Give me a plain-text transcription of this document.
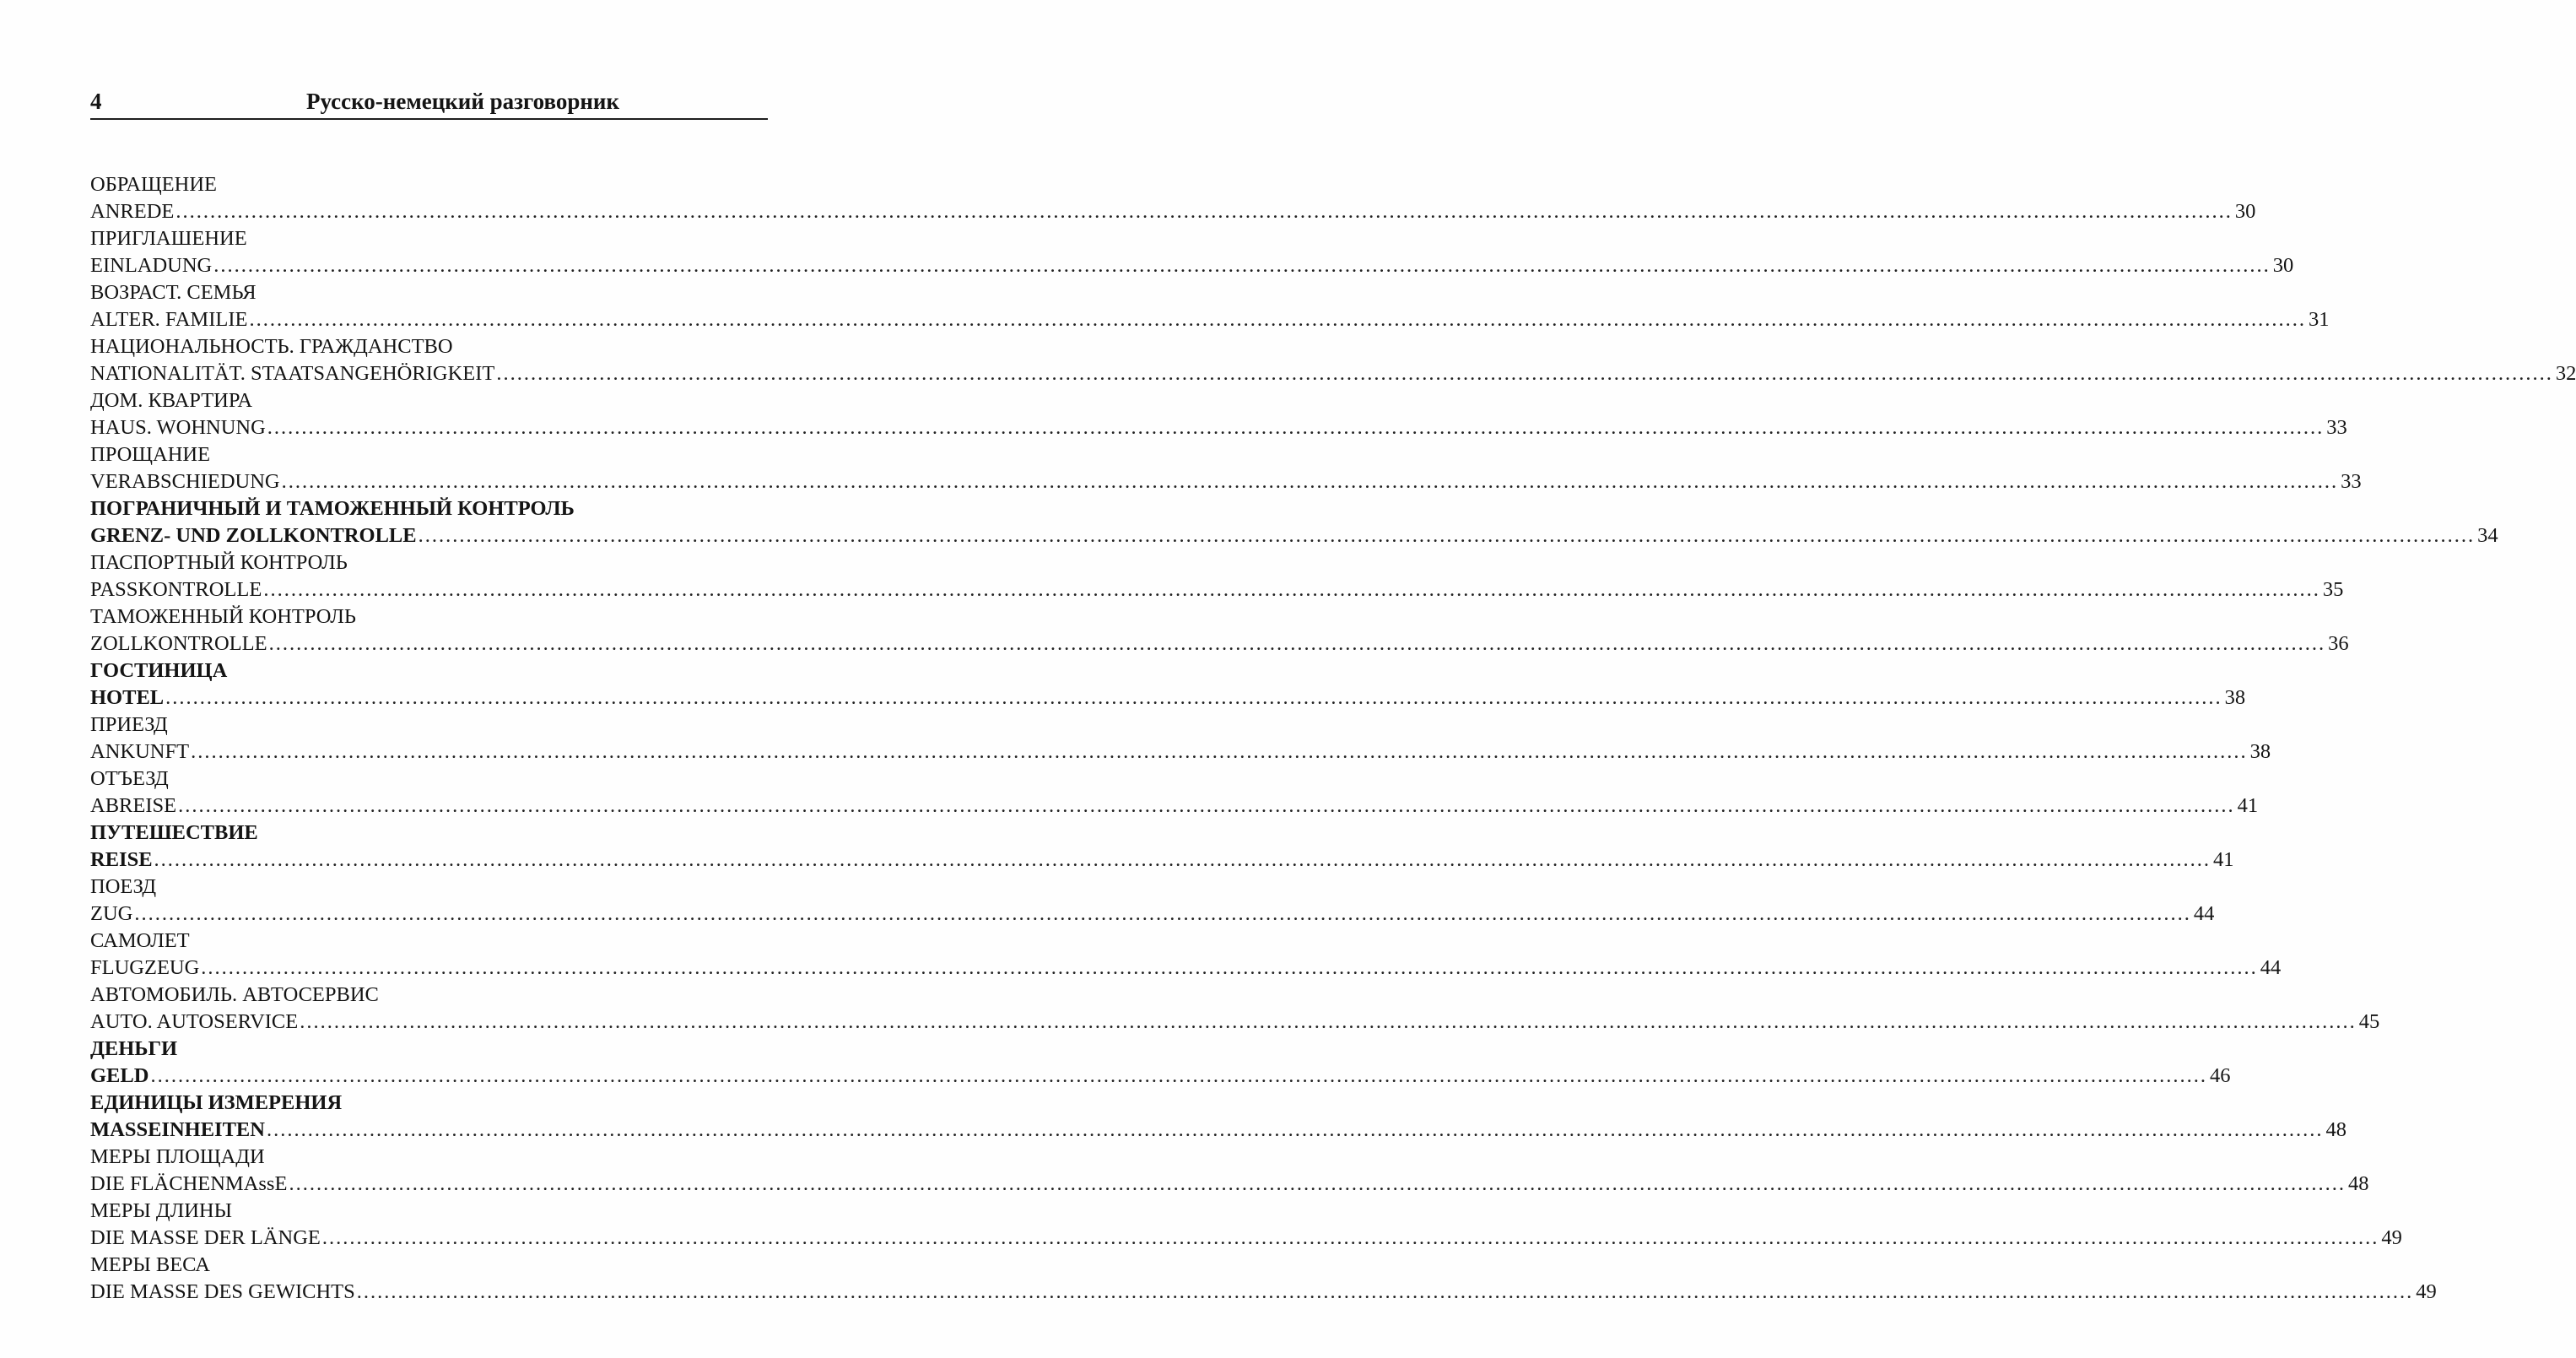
4	Русско-немецкий разговорник
ОБРАЩЕНИЕ
ANREDE ............................................................................................................................................................................................................................................................................................................ 30
ПРИГЛАШЕНИЕ
EINLADUNG ............................................................................................................................................................................................................................................................................................................ 30
ВОЗРАСТ. СЕМЬЯ
ALTER. FAMILIE ............................................................................................................................................................................................................................................................................................................ 31
НАЦИОНАЛЬНОСТЬ. ГРАЖДАНСТВО
NATIONALITÄT. STAATSANGEHÖRIGKEIT ............................................................................................................................................................................................................................................................................................................ 32
ДОМ. КВАРТИРА
HAUS. WOHNUNG ............................................................................................................................................................................................................................................................................................................ 33
ПРОЩАНИЕ
VERABSCHIEDUNG ............................................................................................................................................................................................................................................................................................................ 33
ПОГРАНИЧНЫЙ И ТАМОЖЕННЫЙ КОНТРОЛЬ
GRENZ- UND ZOLLKONTROLLE ............................................................................................................................................................................................................................................................................................................ 34
ПАСПОРТНЫЙ КОНТРОЛЬ
PASSKONTROLLE ............................................................................................................................................................................................................................................................................................................ 35
ТАМОЖЕННЫЙ КОНТРОЛЬ
ZOLLKONTROLLE ............................................................................................................................................................................................................................................................................................................ 36
ГОСТИНИЦА
HOTEL ............................................................................................................................................................................................................................................................................................................ 38
ПРИЕЗД
ANKUNFT ............................................................................................................................................................................................................................................................................................................ 38
ОТЪЕЗД
ABREISE ............................................................................................................................................................................................................................................................................................................ 41
ПУТЕШЕСТВИЕ
REISE ............................................................................................................................................................................................................................................................................................................ 41
ПОЕЗД
ZUG ............................................................................................................................................................................................................................................................................................................ 44
САМОЛЕТ
FLUGZEUG ............................................................................................................................................................................................................................................................................................................ 44
АВТОМОБИЛЬ. АВТОСЕРВИС
AUTO. AUTOSERVICE ............................................................................................................................................................................................................................................................................................................ 45
ДЕНЬГИ
GELD ............................................................................................................................................................................................................................................................................................................ 46
ЕДИНИЦЫ ИЗМЕРЕНИЯ
MASSEINHEITEN ............................................................................................................................................................................................................................................................................................................ 48
МЕРЫ ПЛОЩАДИ
DIE FLÄCHENMAssE ............................................................................................................................................................................................................................................................................................................ 48
МЕРЫ ДЛИНЫ
DIE MASSE DER LÄNGE ............................................................................................................................................................................................................................................................................................................ 49
МЕРЫ ВЕСА
DIE MASSE DES GEWICHTS ............................................................................................................................................................................................................................................................................................................ 49
